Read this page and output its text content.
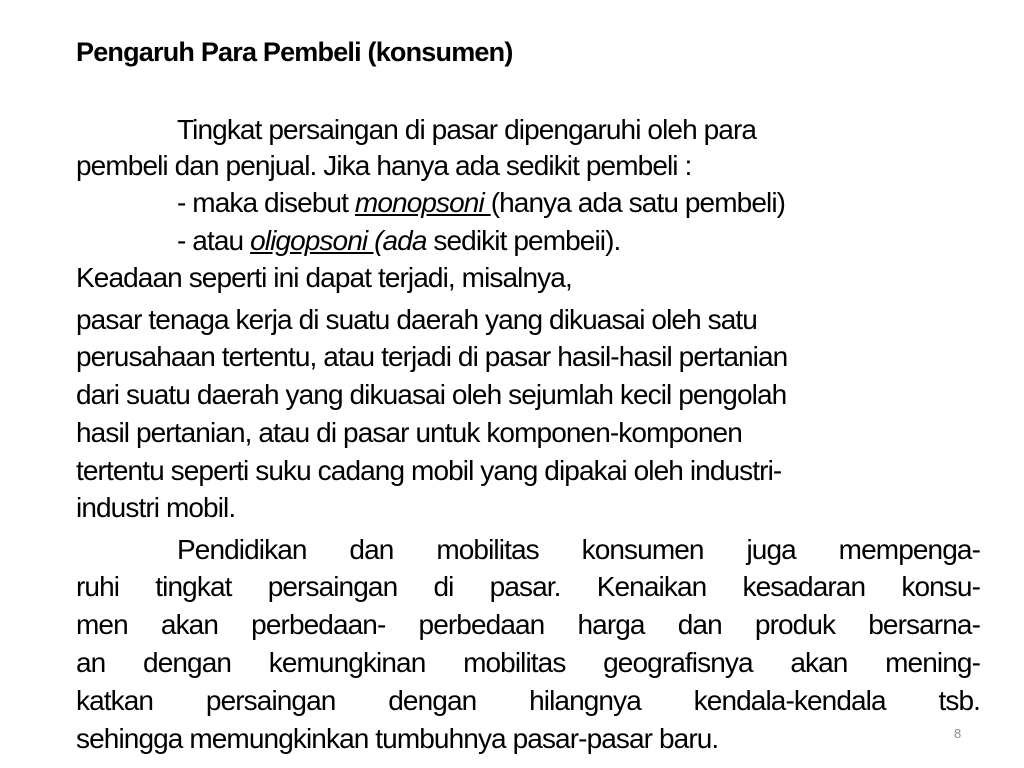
Pengaruh Para Pembeli (konsumen)

Tingkat persaingan di pasar dipengaruhi oleh para

pembeli dan penjual. Jika hanya ada sedikit pembeli :

- maka disebut monopsoni (hanya ada satu pembeli)

- atau oligopsoni (ada sedikit pembeii).

Keadaan seperti ini dapat terjadi, misalnya,

pasar tenaga kerja di suatu daerah yang dikuasai oleh satu

perusahaan tertentu, atau terjadi di pasar hasil-hasil pertanian

dari suatu daerah yang dikuasai oleh sejumlah kecil pengolah

hasil pertanian, atau di pasar untuk komponen-komponen

tertentu seperti suku cadang mobil yang dipakai oleh industri-

industri mobil.

Pendidikan dan mobilitas konsumen juga mempenga-

ruhi tingkat persaingan di pasar. Kenaikan kesadaran konsu-

men akan perbedaan- perbedaan harga dan produk bersarna-

an dengan kemungkinan mobilitas geografisnya akan mening-

katkan persaingan dengan hilangnya kendala-kendala tsb.

sehingga memungkinkan tumbuhnya pasar-pasar baru.	8
